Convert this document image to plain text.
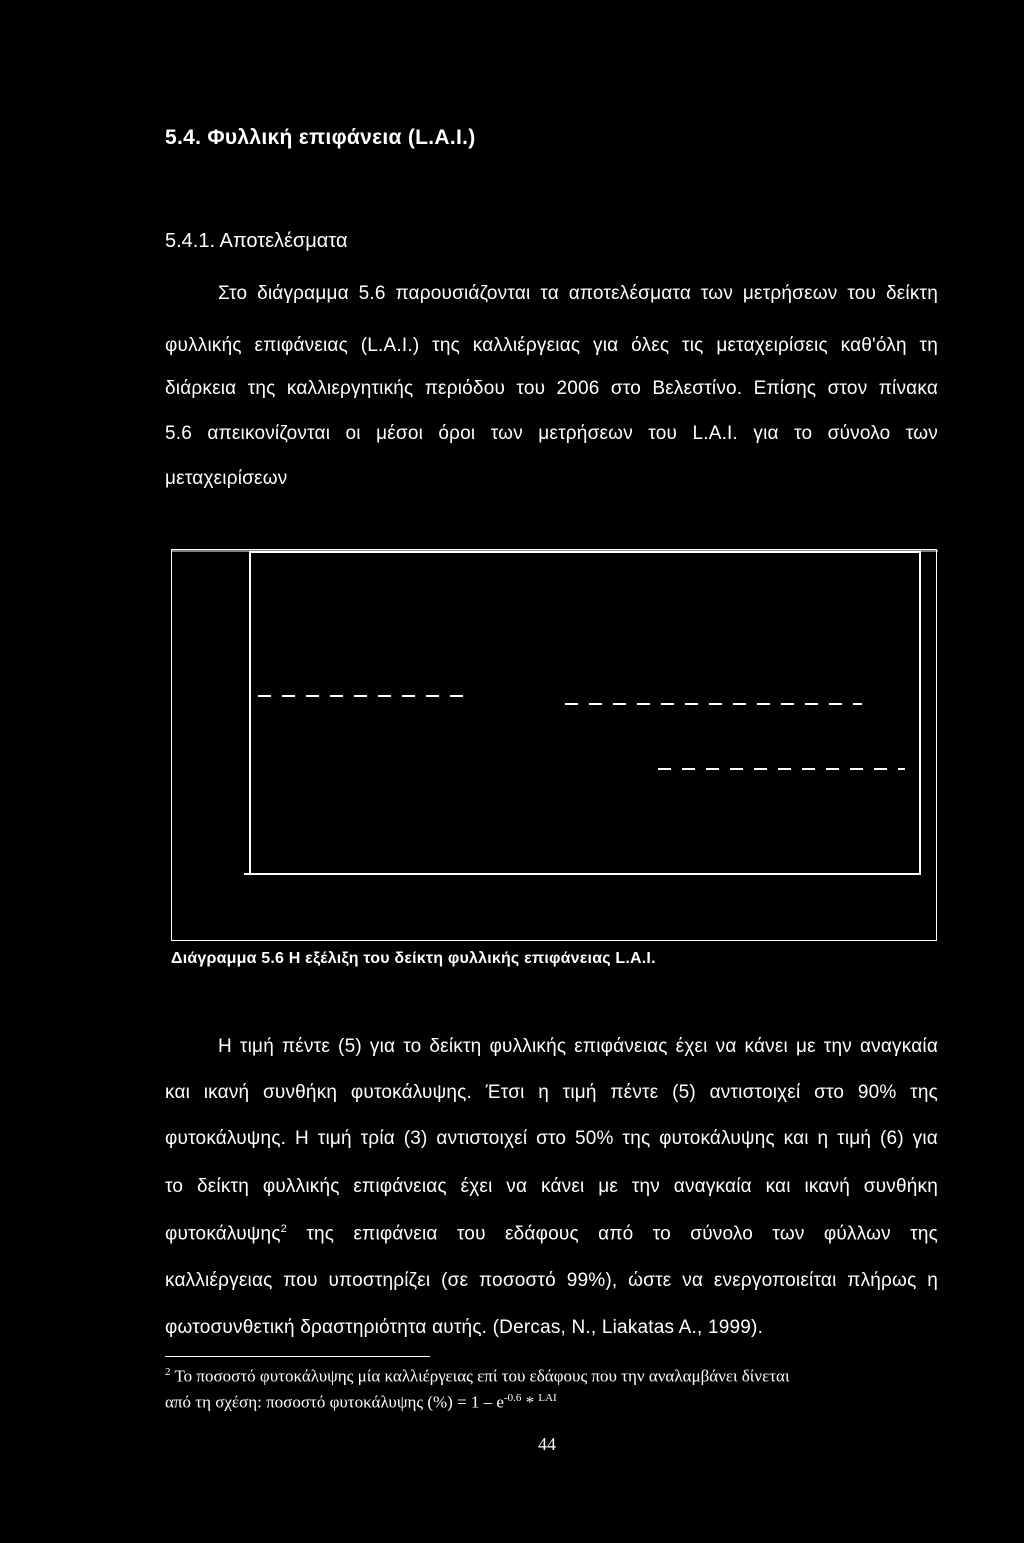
5.4. Φυλλική επιφάνεια (L.A.I.)
5.4.1. Αποτελέσματα
Στο διάγραμμα 5.6 παρουσιάζονται τα αποτελέσματα των μετρήσεων του δείκτη
φυλλικής επιφάνειας (L.A.I.) της καλλιέργειας για όλες τις μεταχειρίσεις καθ'όλη τη
διάρκεια της καλλιεργητικής περιόδου του 2006 στο Βελεστίνο. Επίσης στον πίνακα
5.6 απεικονίζονται οι μέσοι όροι των μετρήσεων του L.A.I. για το σύνολο των
μεταχειρίσεων
Διάγραμμα 5.6 Η εξέλιξη του δείκτη φυλλικής επιφάνειας L.A.I.
Η τιμή πέντε (5) για το δείκτη φυλλικής επιφάνειας έχει να κάνει με την αναγκαία
και ικανή συνθήκη φυτοκάλυψης. Έτσι η τιμή πέντε (5) αντιστοιχεί στο 90% της
φυτοκάλυψης. Η τιμή τρία (3) αντιστοιχεί στο 50% της φυτοκάλυψης και η τιμή (6) για
το δείκτη φυλλικής επιφάνειας έχει να κάνει με την αναγκαία και ικανή συνθήκη
φυτοκάλυψης$^2$ της επιφάνεια του εδάφους από το σύνολο των φύλλων της
καλλιέργειας που υποστηρίζει (σε ποσοστό 99%), ώστε να ενεργοποιείται πλήρως η
φωτοσυνθετική δραστηριότητα αυτής. (Dercas, N., Liakatas A., 1999).
$^2$ Το ποσοστό φυτοκάλυψης μία καλλιέργειας επί του εδάφους που την αναλαμβάνει δίνεται
από τη σχέση: ποσοστό φυτοκάλυψης (%) = $1 - e^{-0.6} * ^{LAI}$
44
